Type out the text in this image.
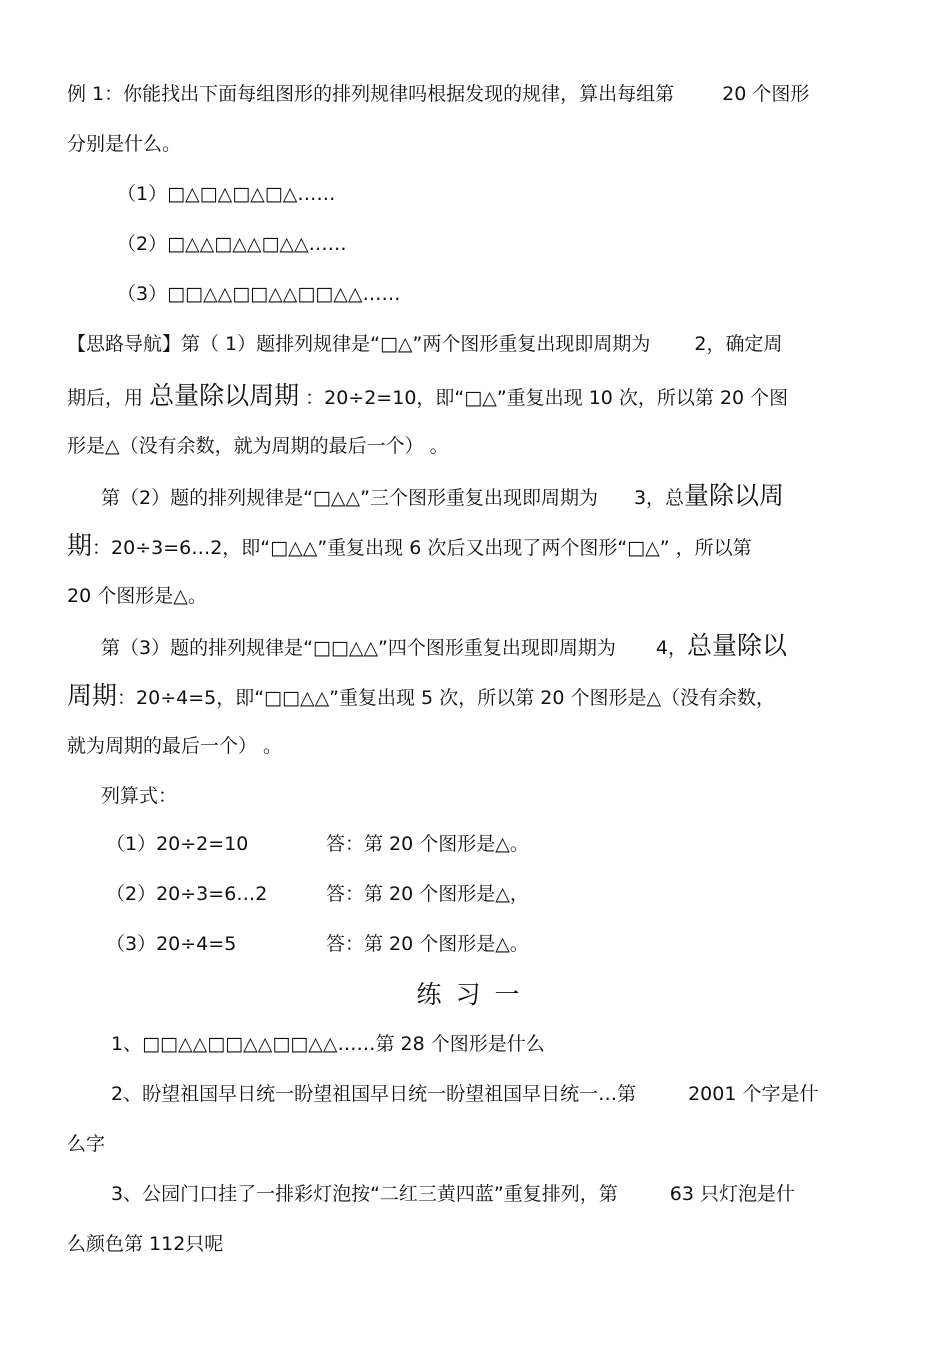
例 1：你能找出下面每组图形的排列规律吗根据发现的规律，算出每组第	20 个图形
分别是什么。
（1）□△□△□△□△……
（2）□△△□△△□△△……
（3）□□△△□□△△□□△△……
【思路导航】第（ 1）题排列规律是“□△”两个图形重复出现即周期为 2，确定周
期后，用 总量除以周期 ：20÷2=10，即“□△”重复出现 10 次，所以第 20 个图
形是△（没有余数，就为周期的最后一个） 。
第（2）题的排列规律是“□△△”三个图形重复出现即周期为 3，总量除以周
期：20÷3=6…2，即“□△△”重复出现 6 次后又出现了两个图形“□△” ，所以第
20 个图形是△。
第（3）题的排列规律是“□□△△”四个图形重复出现即周期为 4，总量除以
周期：20÷4=5，即“□□△△”重复出现 5 次，所以第 20 个图形是△（没有余数，
就为周期的最后一个） 。
列算式：
（1）20÷2=10	答：第 20 个图形是△。
（2）20÷3=6…2	答：第 20 个图形是△，
（3）20÷4=5	答：第 20 个图形是△。
练习一
1、□□△△□□△△□□△△……第 28 个图形是什么
2、盼望祖国早日统一盼望祖国早日统一盼望祖国早日统一…第	2001 个字是什
么字
3、公园门口挂了一排彩灯泡按“二红三黄四蓝”重复排列，第	63 只灯泡是什
么颜色第 112只呢
